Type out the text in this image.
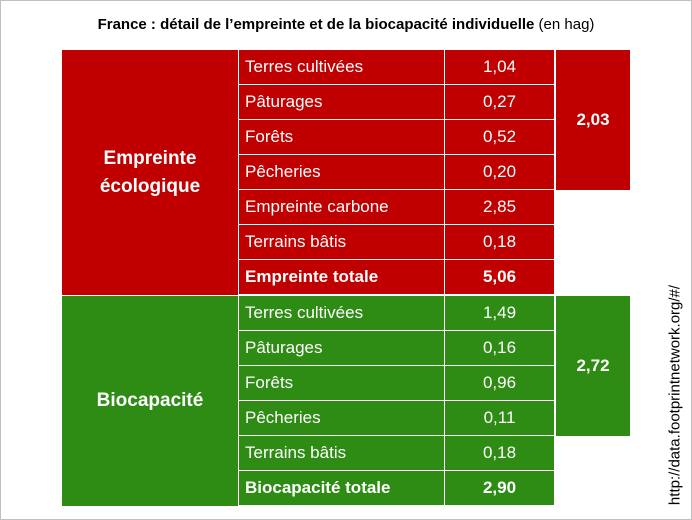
France : détail de l’empreinte et de la biocapacité individuelle (en hag)
Empreinte écologique
Terres cultivées	1,04
Pâturages	0,27
Forêts	0,52
Pêcheries	0,20
Empreinte carbone	2,85
Terrains bâtis	0,18
Empreinte totale	5,06
2,03
Biocapacité
Terres cultivées	1,49
Pâturages	0,16
Forêts	0,96
Pêcheries	0,11
Terrains bâtis	0,18
Biocapacité totale	2,90
2,72	http://data.footprintnetwork.org/#/
